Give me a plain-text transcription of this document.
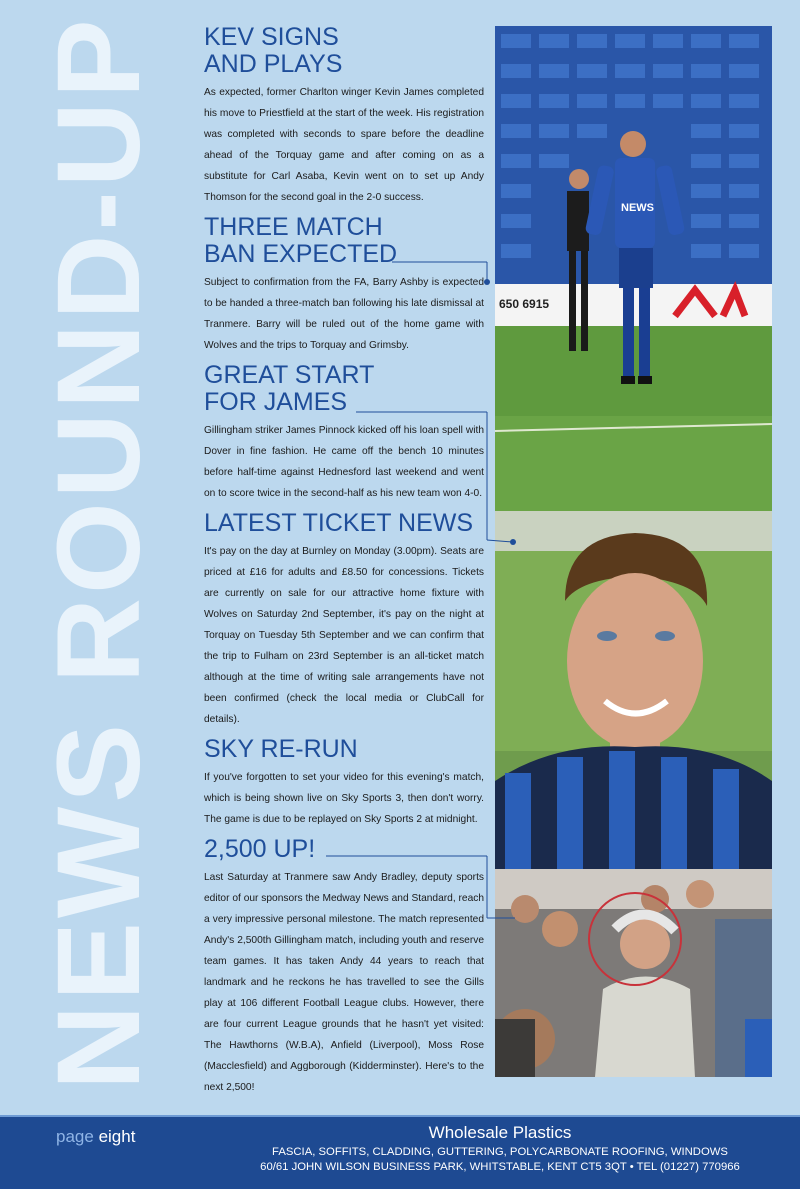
NEWS ROUND-UP KEV SIGNS
AND PLAYS

As expected, former Charlton winger Kevin James completed his move to Priestfield at the start of the week. His registration was completed with seconds to spare before the deadline ahead of the Torquay game and after coming on as a substitute for Carl Asaba, Kevin went on to set up Andy Thomson for the second goal in the 2-0 success.

THREE MATCH
BAN EXPECTED

Subject to confirmation from the FA, Barry Ashby is expected to be handed a three-match ban following his late dismissal at Tranmere. Barry will be ruled out of the home game with Wolves and the trips to Torquay and Grimsby.

GREAT START
FOR JAMES

Gillingham striker James Pinnock kicked off his loan spell with Dover in fine fashion. He came off the bench 10 minutes before half-time against Hednesford last weekend and went on to score twice in the second-half as his new team won 4-0.

LATEST TICKET NEWS

It's pay on the day at Burnley on Monday (3.00pm). Seats are priced at £16 for adults and £8.50 for concessions. Tickets are currently on sale for our attractive home fixture with Wolves on Saturday 2nd September, it's pay on the night at Torquay on Tuesday 5th September and we can confirm that the trip to Fulham on 23rd September is an all-ticket match although at the time of writing sale arrangements have not been confirmed (check the local media or ClubCall for details).

SKY RE-RUN

If you've forgotten to set your video for this evening's match, which is being shown live on Sky Sports 3, then don't worry. The game is due to be replayed on Sky Sports 2 at midnight.

2,500 UP!

Last Saturday at Tranmere saw Andy Bradley, deputy sports editor of our sponsors the Medway News and Standard, reach a very impressive personal milestone. The match represented Andy's 2,500th Gillingham match, including youth and reserve team games. It has taken Andy 44 years to reach that landmark and he reckons he has travelled to see the Gills play at 106 different Football League clubs. However, there are four current League grounds that he hasn't yet visited: The Hawthorns (W.B.A), Anfield (Liverpool), Moss Rose (Macclesfield) and Aggborough (Kidderminster). Here's to the next 2,500!

650 6915
NEWS
page eight	Wholesale Plastics
FASCIA, SOFFITS, CLADDING, GUTTERING, POLYCARBONATE ROOFING, WINDOWS
60/61 JOHN WILSON BUSINESS PARK, WHITSTABLE, KENT CT5 3QT • TEL (01227) 770966
